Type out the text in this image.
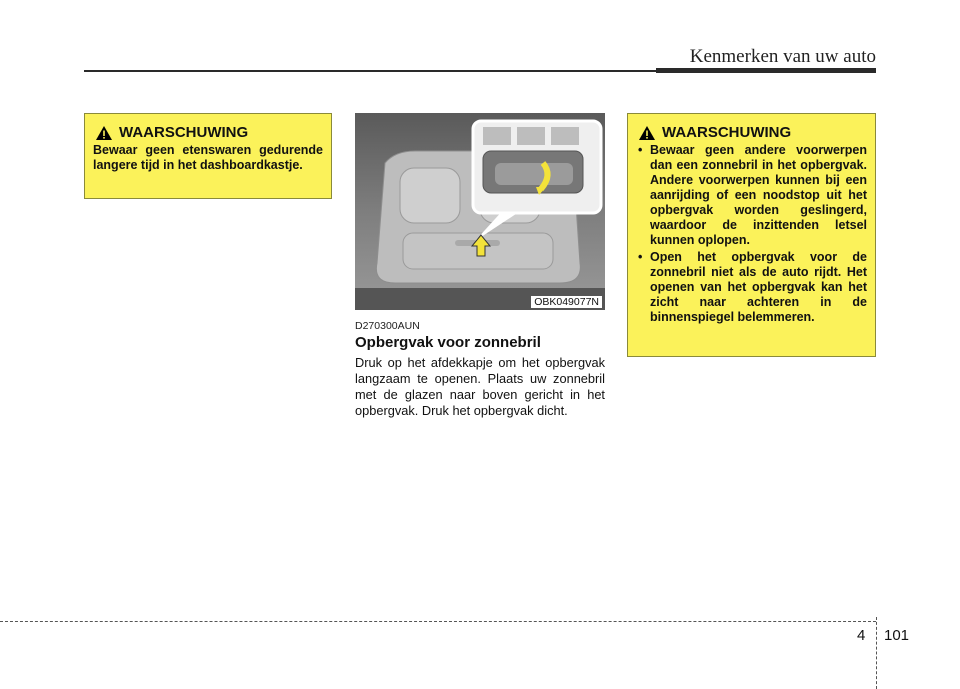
Kenmerken van uw auto
WAARSCHUWING
Bewaar geen etenswaren gedurende langere tijd in het dashboardkastje.
OBK049077N
D270300AUN
Opbergvak voor zonnebril

Druk op het afdekkapje om het opbergvak langzaam te openen. Plaats uw zonnebril met de glazen naar boven gericht in het opbergvak. Druk het opbergvak dicht.

WAARSCHUWING
• Bewaar geen andere voorwerpen dan een zonnebril in het opbergvak. Andere voorwerpen kunnen bij een aanrijding of een noodstop uit het opbergvak worden geslingerd, waardoor de inzittenden letsel kunnen oplopen.
• Open het opbergvak voor de zonnebril niet als de auto rijdt. Het openen van het opbergvak kan het zicht naar achteren in de binnenspiegel belemmeren.
4 101
